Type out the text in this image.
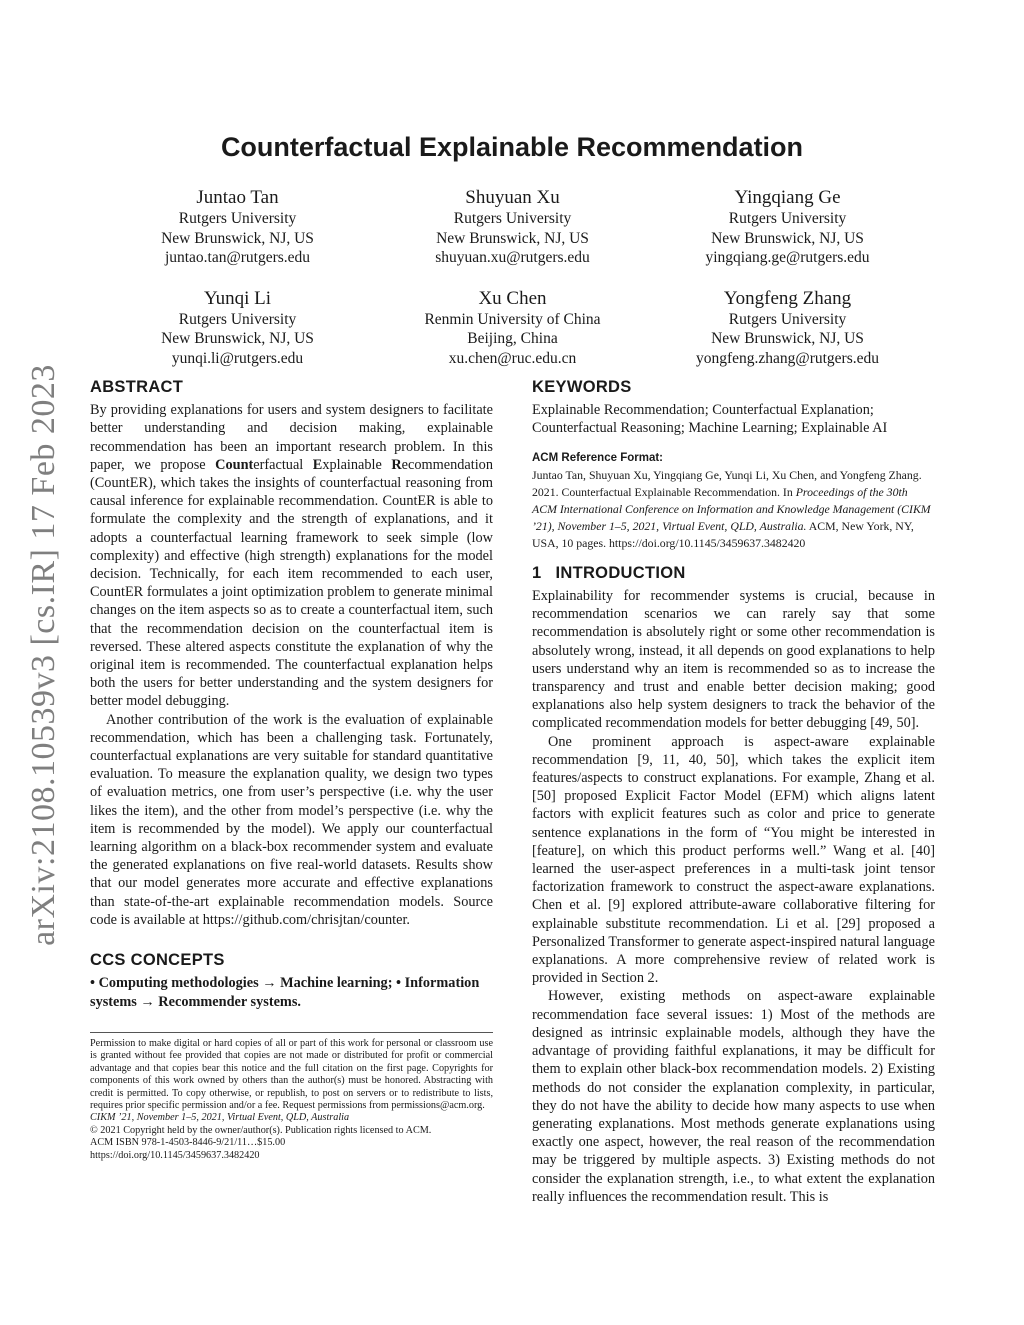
arXiv:2108.10539v3 [cs.IR] 17 Feb 2023
Counterfactual Explainable Recommendation
Juntao Tan
Rutgers University
New Brunswick, NJ, US
juntao.tan@rutgers.edu
Shuyuan Xu
Rutgers University
New Brunswick, NJ, US
shuyuan.xu@rutgers.edu
Yingqiang Ge
Rutgers University
New Brunswick, NJ, US
yingqiang.ge@rutgers.edu
Yunqi Li
Rutgers University
New Brunswick, NJ, US
yunqi.li@rutgers.edu
Xu Chen
Renmin University of China
Beijing, China
xu.chen@ruc.edu.cn
Yongfeng Zhang
Rutgers University
New Brunswick, NJ, US
yongfeng.zhang@rutgers.edu
ABSTRACT

By providing explanations for users and system designers to facilitate better understanding and decision making, explainable recommendation has been an important research problem. In this paper, we propose Counterfactual Explainable Recommendation (CountER), which takes the insights of counterfactual reasoning from causal inference for explainable recommendation. CountER is able to formulate the complexity and the strength of explanations, and it adopts a counterfactual learning framework to seek simple (low complexity) and effective (high strength) explanations for the model decision. Technically, for each item recommended to each user, CountER formulates a joint optimization problem to generate minimal changes on the item aspects so as to create a counterfactual item, such that the recommendation decision on the counterfactual item is reversed. These altered aspects constitute the explanation of why the original item is recommended. The counterfactual explanation helps both the users for better understanding and the system designers for better model debugging.

Another contribution of the work is the evaluation of explainable recommendation, which has been a challenging task. Fortunately, counterfactual explanations are very suitable for standard quantitative evaluation. To measure the explanation quality, we design two types of evaluation metrics, one from user’s perspective (i.e. why the user likes the item), and the other from model’s perspective (i.e. why the item is recommended by the model). We apply our counterfactual learning algorithm on a black-box recommender system and evaluate the generated explanations on five real-world datasets. Results show that our model generates more accurate and effective explanations than state-of-the-art explainable recommendation models. Source code is available at https://github.com/chrisjtan/counter.

CCS CONCEPTS

• Computing methodologies → Machine learning; • Information systems → Recommender systems.

Permission to make digital or hard copies of all or part of this work for personal or classroom use is granted without fee provided that copies are not made or distributed for profit or commercial advantage and that copies bear this notice and the full citation on the first page. Copyrights for components of this work owned by others than the author(s) must be honored. Abstracting with credit is permitted. To copy otherwise, or republish, to post on servers or to redistribute to lists, requires prior specific permission and/or a fee. Request permissions from permissions@acm.org.

CIKM ’21, November 1–5, 2021, Virtual Event, QLD, Australia

© 2021 Copyright held by the owner/author(s). Publication rights licensed to ACM.

ACM ISBN 978-1-4503-8446-9/21/11…$15.00

https://doi.org/10.1145/3459637.3482420

KEYWORDS

Explainable Recommendation; Counterfactual Explanation; Counterfactual Reasoning; Machine Learning; Explainable AI

ACM Reference Format:

Juntao Tan, Shuyuan Xu, Yingqiang Ge, Yunqi Li, Xu Chen, and Yongfeng Zhang. 2021. Counterfactual Explainable Recommendation. In Proceedings of the 30th ACM International Conference on Information and Knowledge Management (CIKM ’21), November 1–5, 2021, Virtual Event, QLD, Australia. ACM, New York, NY, USA, 10 pages. https://doi.org/10.1145/3459637.3482420

1 INTRODUCTION

Explainability for recommender systems is crucial, because in recommendation scenarios we can rarely say that some recommendation is absolutely right or some other recommendation is absolutely wrong, instead, it all depends on good explanations to help users understand why an item is recommended so as to increase the transparency and trust and enable better decision making; good explanations also help system designers to track the behavior of the complicated recommendation models for better debugging [49, 50].

One prominent approach is aspect-aware explainable recommendation [9, 11, 40, 50], which takes the explicit item features/aspects to construct explanations. For example, Zhang et al. [50] proposed Explicit Factor Model (EFM) which aligns latent factors with explicit features such as color and price to generate sentence explanations in the form of “You might be interested in [feature], on which this product performs well.” Wang et al. [40] learned the user-aspect preferences in a multi-task joint tensor factorization framework to construct the aspect-aware explanations. Chen et al. [9] explored attribute-aware collaborative filtering for explainable substitute recommendation. Li et al. [29] proposed a Personalized Transformer to generate aspect-inspired natural language explanations. A more comprehensive review of related work is provided in Section 2.

However, existing methods on aspect-aware explainable recommendation face several issues: 1) Most of the methods are designed as intrinsic explainable models, although they have the advantage of providing faithful explanations, it may be difficult for them to explain other black-box recommendation models. 2) Existing methods do not consider the explanation complexity, in particular, they do not have the ability to decide how many aspects to use when generating explanations. Most methods generate explanations using exactly one aspect, however, the real reason of the recommendation may be triggered by multiple aspects. 3) Existing methods do not consider the explanation strength, i.e., to what extent the explanation really influences the recommendation result. This is
